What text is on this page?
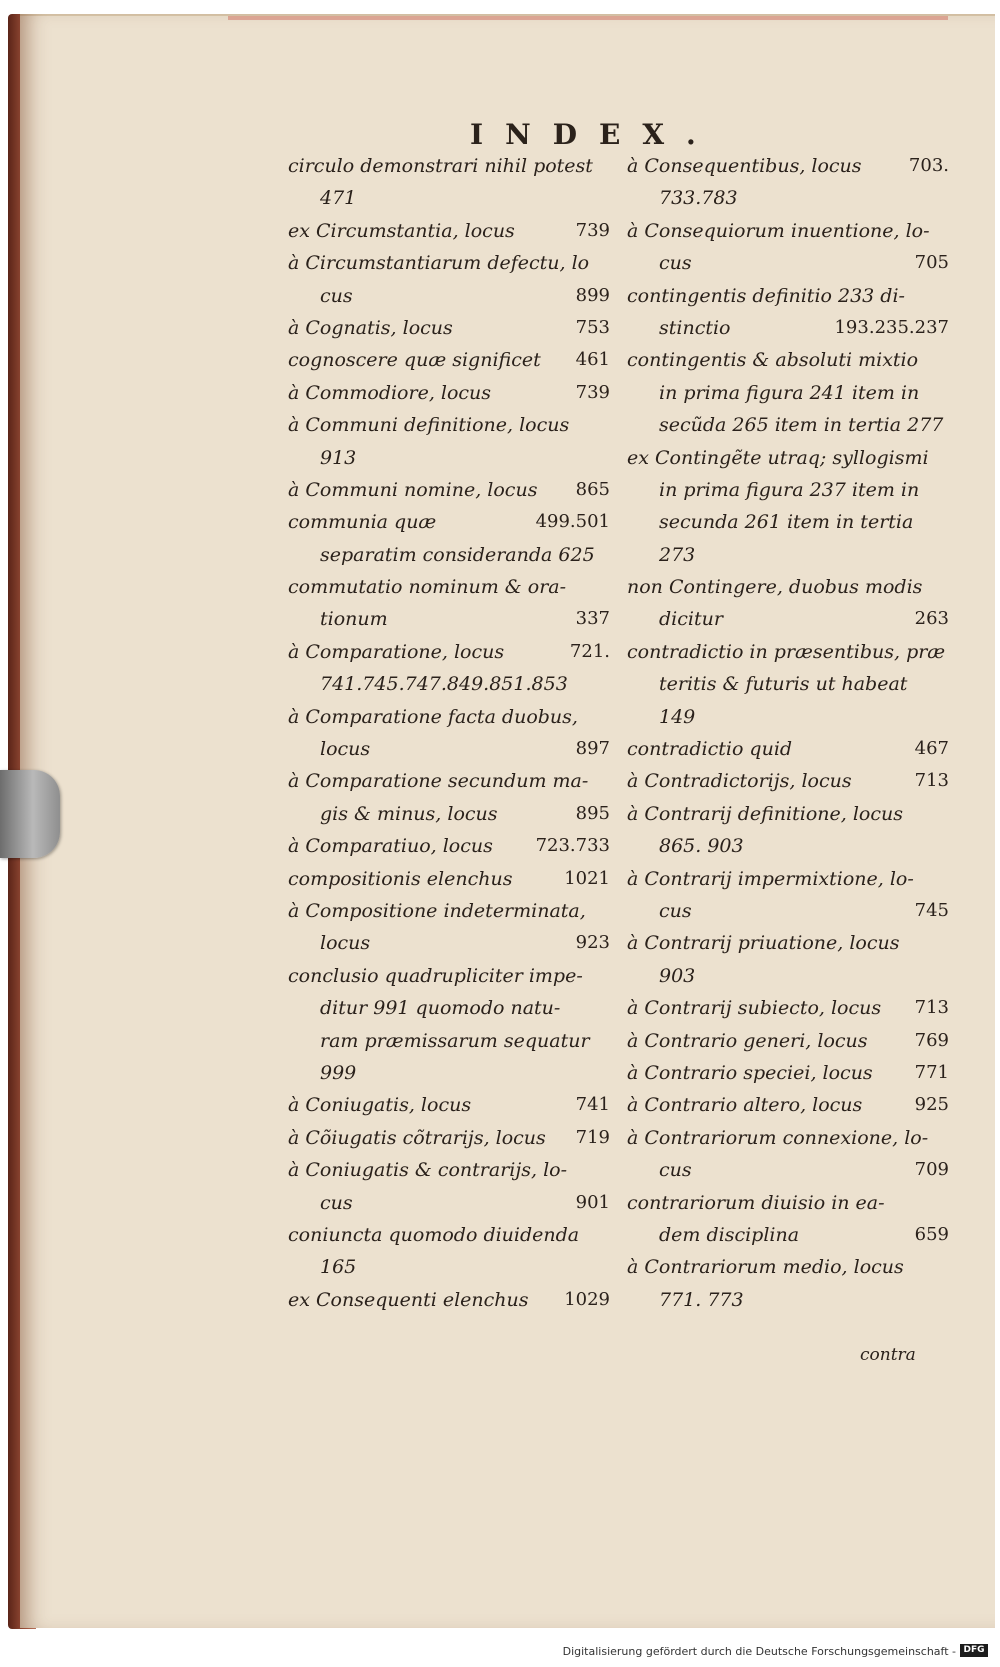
INDEX.
circulo demonstrari nihil potest
471
ex Circumstantia, locus	739
à Circumstantiarum defectu, lo
cus	899
à Cognatis, locus	753
cognoscere quæ significet 461
à Commodiore, locus	739
à Communi definitione, locus
913
à Communi nomine, locus 865
communia quæ	499.501
separatim consideranda 625
commutatio nominum & ora-
tionum	337
à Comparatione, locus	721.
741.745.747.849.851.853
à Comparatione facta duobus,
locus	897
à Comparatione secundum ma-
gis & minus, locus	895
à Comparatiuo, locus 723.733
compositionis elenchus	1021
à Compositione indeterminata,
locus	923
conclusio quadrupliciter impe-
ditur 991 quomodo natu-
ram præmissarum sequatur
999
à Coniugatis, locus	741
à Cõiugatis cõtrarijs, locus 719
à Coniugatis & contrarijs, lo-
cus	901
coniuncta quomodo diuidenda
165
ex Consequenti elenchus 1029
à Consequentibus, locus	703.
733.783
à Consequiorum inuentione, lo-
cus	705
contingentis definitio 233 di-
stinctio	193.235.237
contingentis & absoluti mixtio
in prima figura 241 item in
secũda 265 item in tertia 277
ex Contingẽte utraq; syllogismi
in prima figura 237 item in
secunda 261 item in tertia
273
non Contingere, duobus modis
dicitur	263
contradictio in præsentibus, præ
teritis & futuris ut habeat
149
contradictio quid	467
à Contradictorijs, locus	713
à Contrarij definitione, locus
865. 903
à Contrarij impermixtione, lo-
cus	745
à Contrarij priuatione, locus
903
à Contrarij subiecto, locus 713
à Contrario generi, locus	769
à Contrario speciei, locus 771
à Contrario altero, locus	925
à Contrariorum connexione, lo-
cus	709
contrariorum diuisio in ea-
dem disciplina	659
à Contrariorum medio, locus
771. 773
contra
Digitalisierung gefördert durch die Deutsche Forschungsgemeinschaft - DFG
